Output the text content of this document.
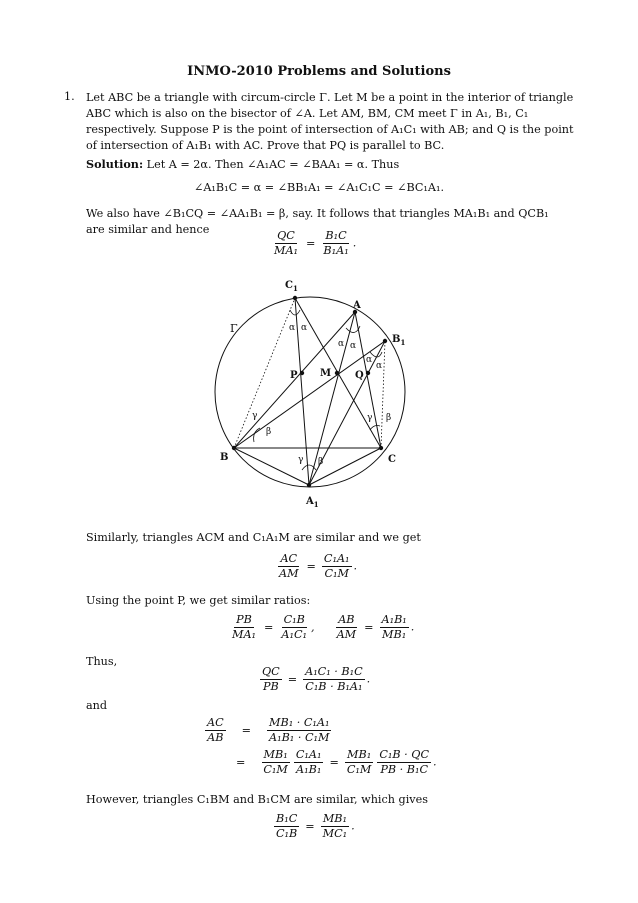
INMO-2010 Problems and Solutions
1. Let ABC be a triangle with circum-circle Γ. Let M be a point in the interior of triangle
ABC which is also on the bisector of ∠A. Let AM, BM, CM meet Γ in A₁, B₁, C₁
respectively. Suppose P is the point of intersection of A₁C₁ with AB; and Q is the point
of intersection of A₁B₁ with AC. Prove that PQ is parallel to BC.
Solution: Let A = 2α. Then ∠A₁AC = ∠BAA₁ = α. Thus
∠A₁B₁C = α = ∠BB₁A₁ = ∠A₁C₁C = ∠BC₁A₁.
We also have ∠B₁CQ = ∠AA₁B₁ = β, say. It follows that triangles MA₁B₁ and QCB₁
are similar and hence	$\frac{QC}{\text{MA₁}} = \frac{\text{B₁C}}{\text{B₁A₁}}$ .
Γ
A
B	C
M
P	Q
$C_1$
$B_1$
$A_1$
α α
α α
α
α
γ
β
γ β
γ β
Similarly, triangles ACM and C₁A₁M are similar and we get
$\frac{AC}{AM} = \frac{\text{C₁A₁}}{\text{C₁M}}$ .
Using the point P, we get similar ratios:
$\frac{PB}{\text{MA₁}} = \frac{\text{C₁B}}{\text{A₁C₁}}$ , $\frac{AB}{AM} = \frac{\text{A₁B₁}}{\text{MB₁}}$ .
Thus,
$\frac{QC}{PB} = \frac{\text{A₁C₁ · B₁C}}{\text{C₁B · B₁A₁}}$ .
and
$\frac{AC}{AB} = \frac{\text{MB₁ · C₁A₁}}{\text{A₁B₁ · C₁M}}$
= $\frac{\text{MB₁}}{\text{C₁M}} \frac{\text{C₁A₁}}{\text{A₁B₁}} = \frac{\text{MB₁}}{\text{C₁M}} \frac{\text{C₁B · QC}}{\text{PB · B₁C}}$ .
However, triangles C₁BM and B₁CM are similar, which gives
$\frac{\text{B₁C}}{\text{C₁B}} = \frac{\text{MB₁}}{\text{MC₁}}$ .
